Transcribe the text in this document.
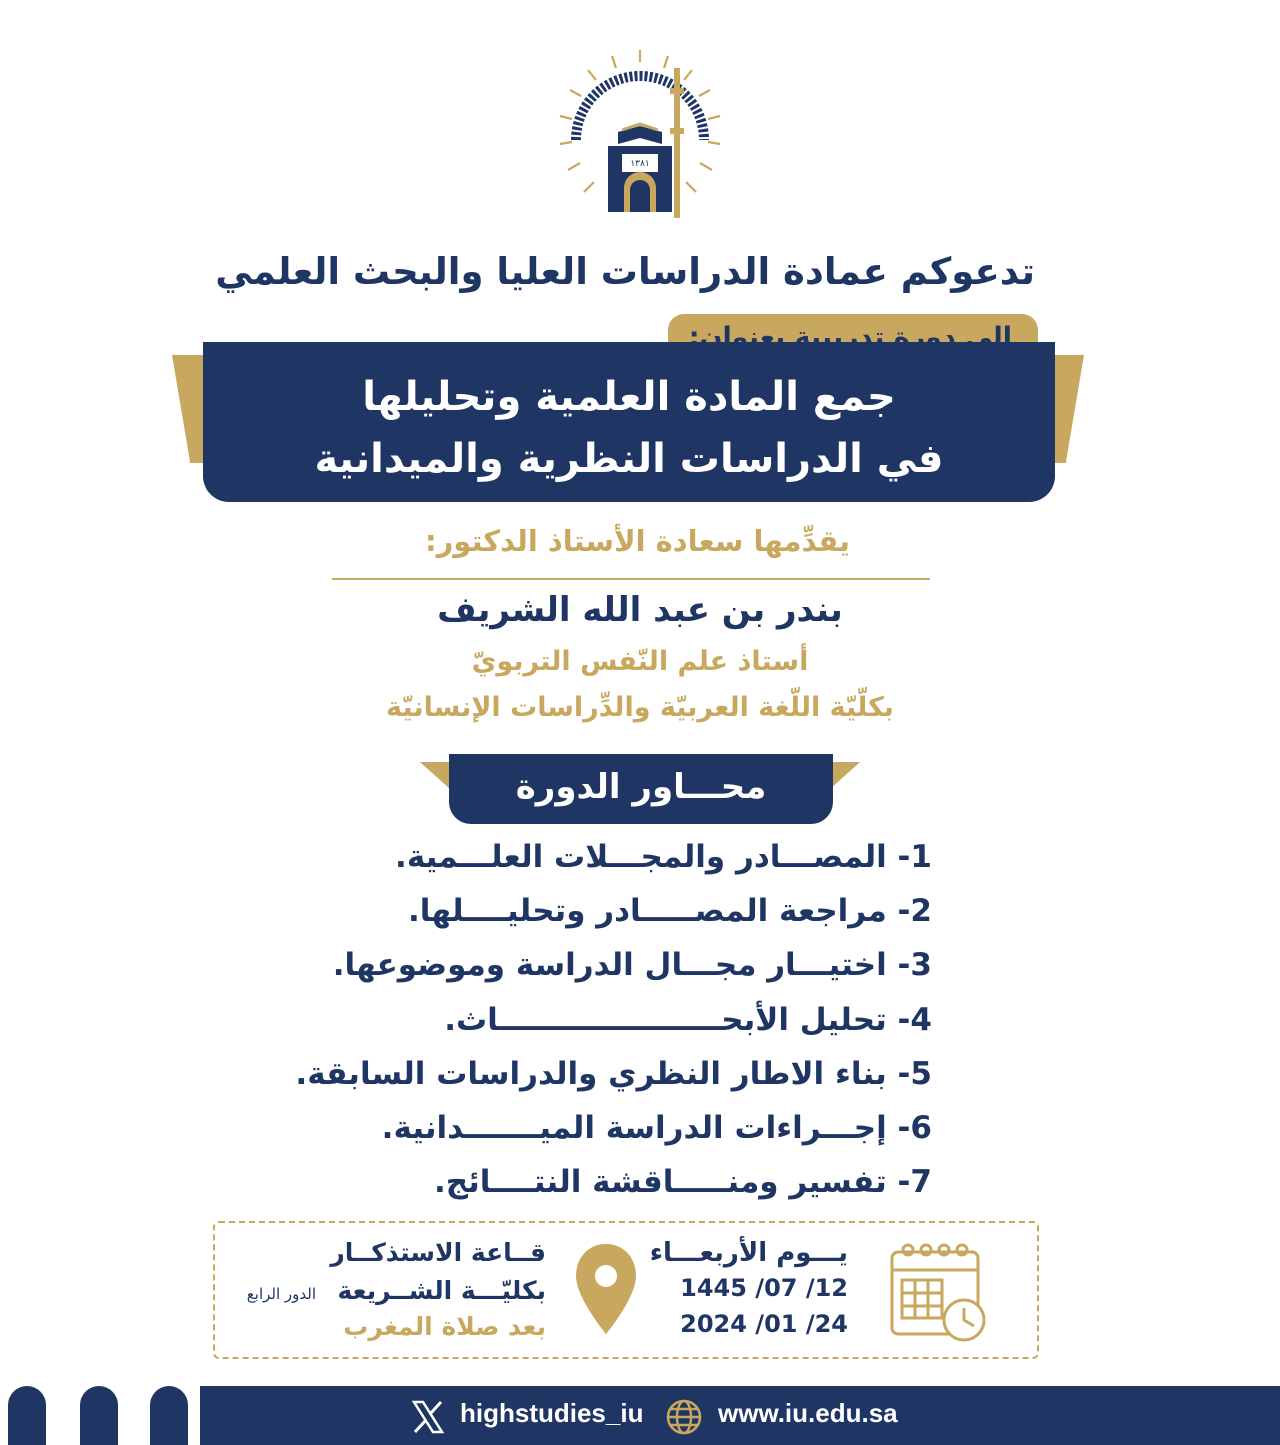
١٣٨١
تدعوكم عمادة الدراسات العليا والبحث العلمي
إلى دورة تدريبية بعنوان:
جمع المادة العلمية وتحليلها
في الدراسات النظرية والميدانية
يقدِّمها سعادة الأستاذ الدكتور:
بندر بن عبد الله الشريف
أستاذ علم النّفس التربويّ
بكلّيّة اللّغة العربيّة والدِّراسات الإنسانيّة
محـــاور الدورة
1- المصـــادر والمجـــلات العلـــمية.
2- مراجعة المصـــــادر وتحليــــلها.
3- اختيـــار مجـــال الدراسة وموضوعها.
4- تحليل الأبحـــــــــــــــــــــاث.
5- بناء الاطار النظري والدراسات السابقة.
6- إجـــراءات الدراسة الميـــــــدانية.
7- تفسير ومنـــــاقشة النتــــائج.
يـــوم الأربعـــاء
12/ 07/ 1445
24/ 01/ 2024
قــاعة الاستذكــار
بكليّـــة الشــريعة
الدور الرابع
بعد صلاة المغرب
highstudies_iu	www.iu.edu.sa
